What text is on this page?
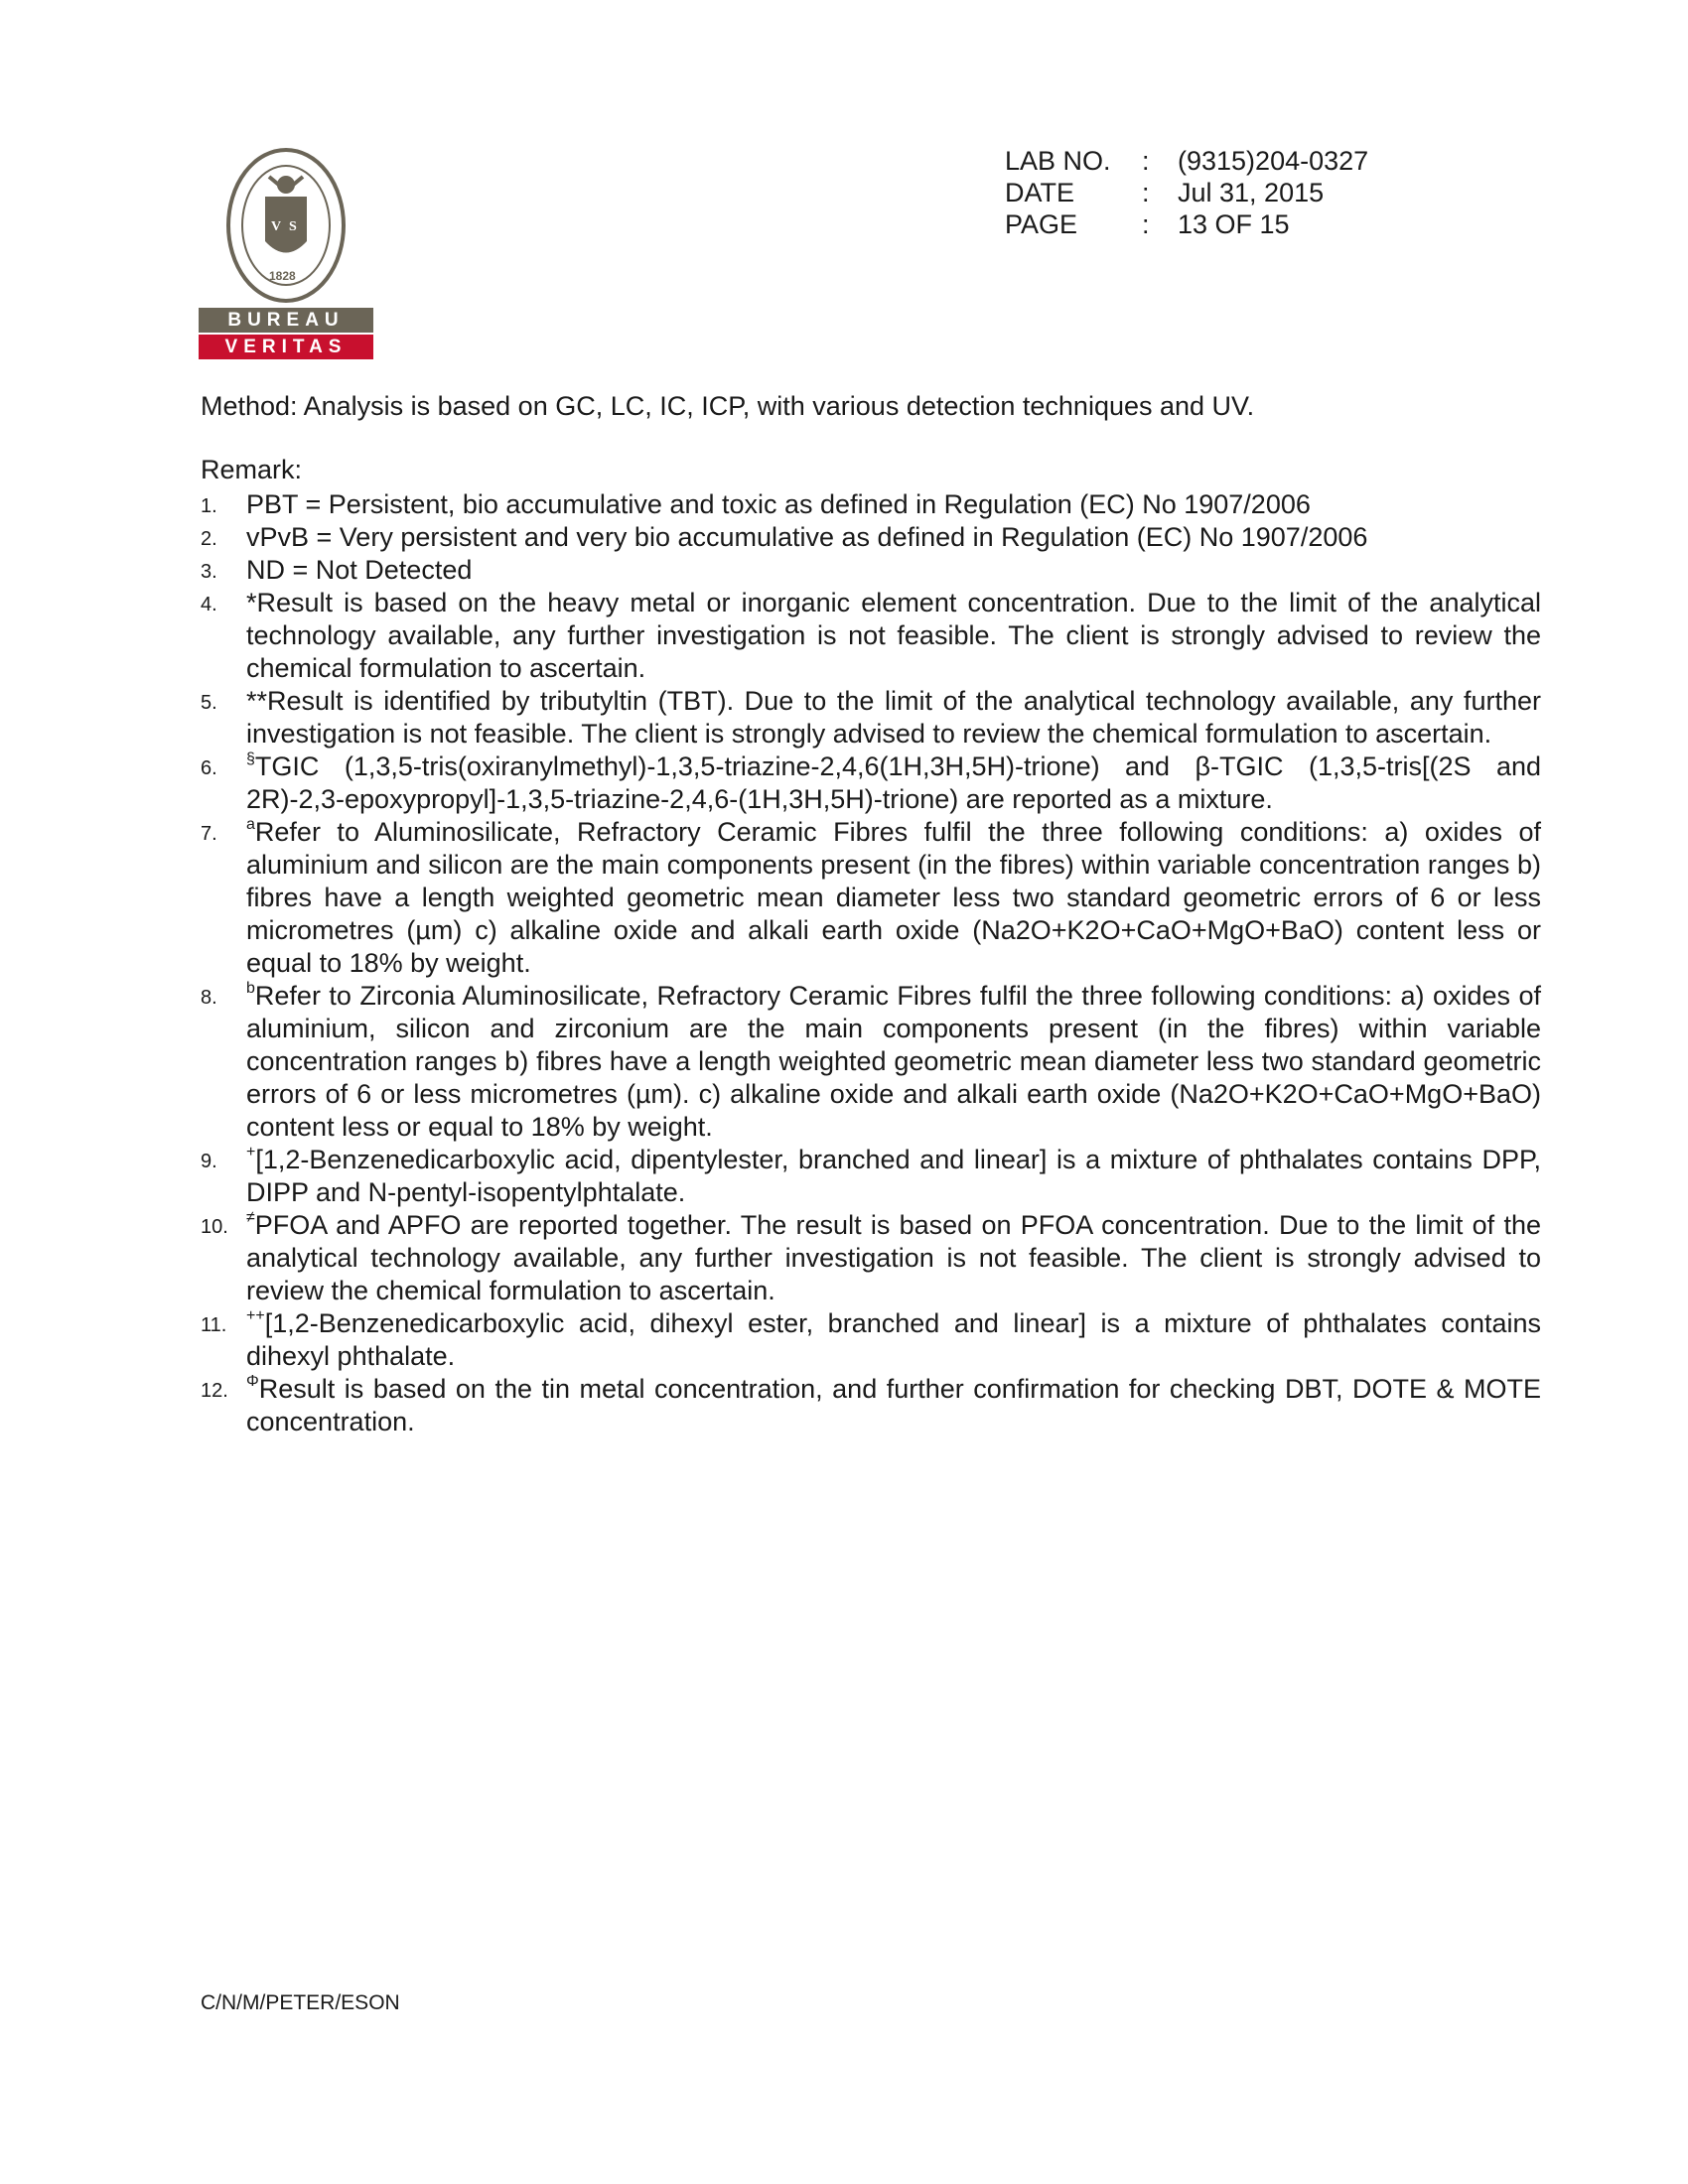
V S
1828
BUREAU
VERITAS
LAB NO.	:	(9315)204-0327
DATE	:	Jul 31, 2015
PAGE	:	13 OF 15
Method: Analysis is based on GC, LC, IC, ICP, with various detection techniques and UV.
Remark:
1. PBT = Persistent, bio accumulative and toxic as defined in Regulation (EC) No 1907/2006
2. vPvB = Very persistent and very bio accumulative as defined in Regulation (EC) No 1907/2006
3. ND = Not Detected
4. *Result is based on the heavy metal or inorganic element concentration. Due to the limit of the analytical technology available, any further investigation is not feasible. The client is strongly advised to review the chemical formulation to ascertain.
5. **Result is identified by tributyltin (TBT). Due to the limit of the analytical technology available, any further investigation is not feasible. The client is strongly advised to review the chemical formulation to ascertain.
6. §TGIC (1,3,5-tris(oxiranylmethyl)-1,3,5-triazine-2,4,6(1H,3H,5H)-trione) and β-TGIC (1,3,5-tris[(2S and 2R)-2,3-epoxypropyl]-1,3,5-triazine-2,4,6-(1H,3H,5H)-trione) are reported as a mixture.
7. $^a$Refer to Aluminosilicate, Refractory Ceramic Fibres fulfil the three following conditions: a) oxides of aluminium and silicon are the main components present (in the fibres) within variable concentration ranges b) fibres have a length weighted geometric mean diameter less two standard geometric errors of 6 or less micrometres (µm) c) alkaline oxide and alkali earth oxide (Na2O+K2O+CaO+MgO+BaO) content less or equal to 18% by weight.
8. $^b$Refer to Zirconia Aluminosilicate, Refractory Ceramic Fibres fulfil the three following conditions: a) oxides of aluminium, silicon and zirconium are the main components present (in the fibres) within variable concentration ranges b) fibres have a length weighted geometric mean diameter less two standard geometric errors of 6 or less micrometres (µm). c) alkaline oxide and alkali earth oxide (Na2O+K2O+CaO+MgO+BaO) content less or equal to 18% by weight.
9. +[1,2-Benzenedicarboxylic acid, dipentylester, branched and linear] is a mixture of phthalates contains DPP, DIPP and N-pentyl-isopentylphtalate.
10. ≠PFOA and APFO are reported together. The result is based on PFOA concentration. Due to the limit of the analytical technology available, any further investigation is not feasible. The client is strongly advised to review the chemical formulation to ascertain.
11. ++[1,2-Benzenedicarboxylic acid, dihexyl ester, branched and linear] is a mixture of phthalates contains dihexyl phthalate.
12. $^\Phi$Result is based on the tin metal concentration, and further confirmation for checking DBT, DOTE & MOTE concentration.
C/N/M/PETER/ESON
